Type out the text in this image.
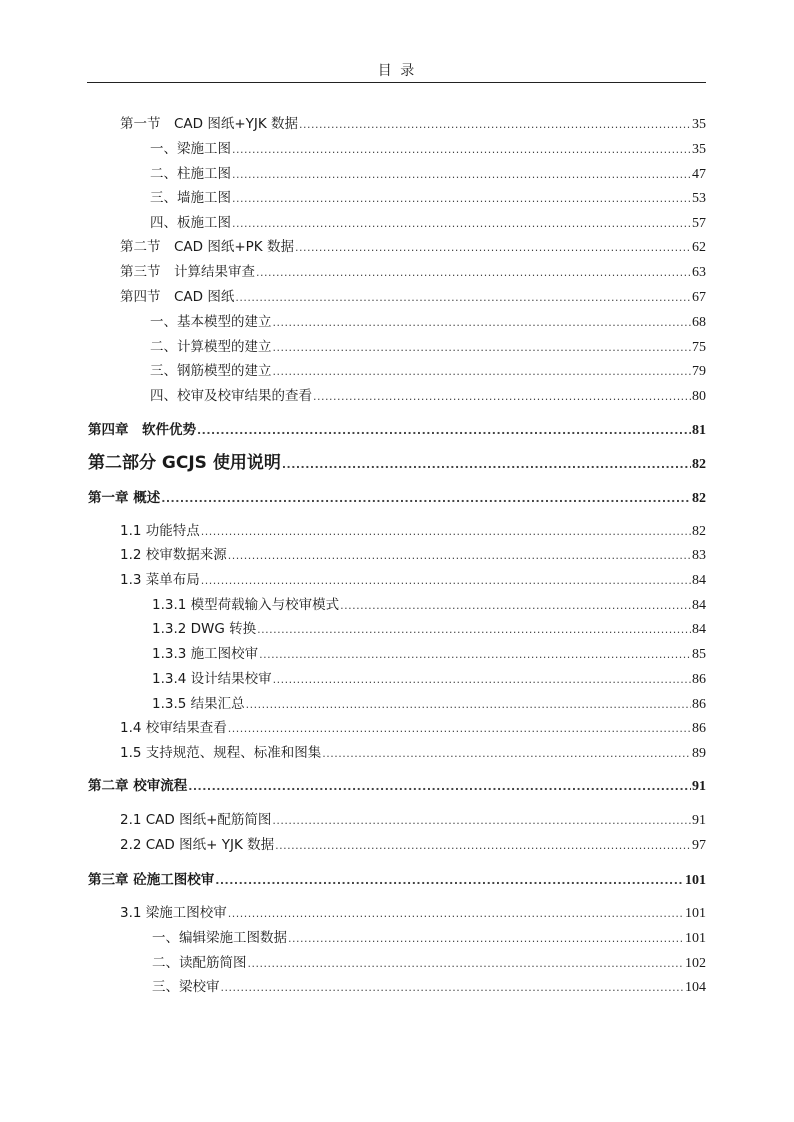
目 录
第一节　CAD 图纸+YJK 数据 .....	35
一、梁施工图 .....	35
二、柱施工图 .....	47
三、墙施工图 .....	53
四、板施工图 .....	57
第二节　CAD 图纸+PK 数据 .....	62
第三节　计算结果审查 .....	63
第四节　CAD 图纸 .....	67
一、基本模型的建立 .....	68
二、计算模型的建立 .....	75
三、钢筋模型的建立 .....	79
四、校审及校审结果的查看 .....	80
第四章　软件优势 .....	81
第二部分 GCJS 使用说明 .....	82
第一章 概述 .....	82
1.1 功能特点 .....	82
1.2 校审数据来源 .....	83
1.3 菜单布局 .....	84
1.3.1 模型荷载输入与校审模式 .....	84
1.3.2 DWG 转换 .....	84
1.3.3 施工图校审 .....	85
1.3.4 设计结果校审 .....	86
1.3.5 结果汇总 .....	86
1.4 校审结果查看 .....	86
1.5 支持规范、规程、标准和图集 .....	89
第二章 校审流程 .....	91
2.1 CAD 图纸+配筋简图 .....	91
2.2 CAD 图纸+ YJK 数据 .....	97
第三章 砼施工图校审 .....	101
3.1 梁施工图校审 .....	101
一、编辑梁施工图数据 .....	101
二、读配筋简图 .....	102
三、梁校审 .....	104
